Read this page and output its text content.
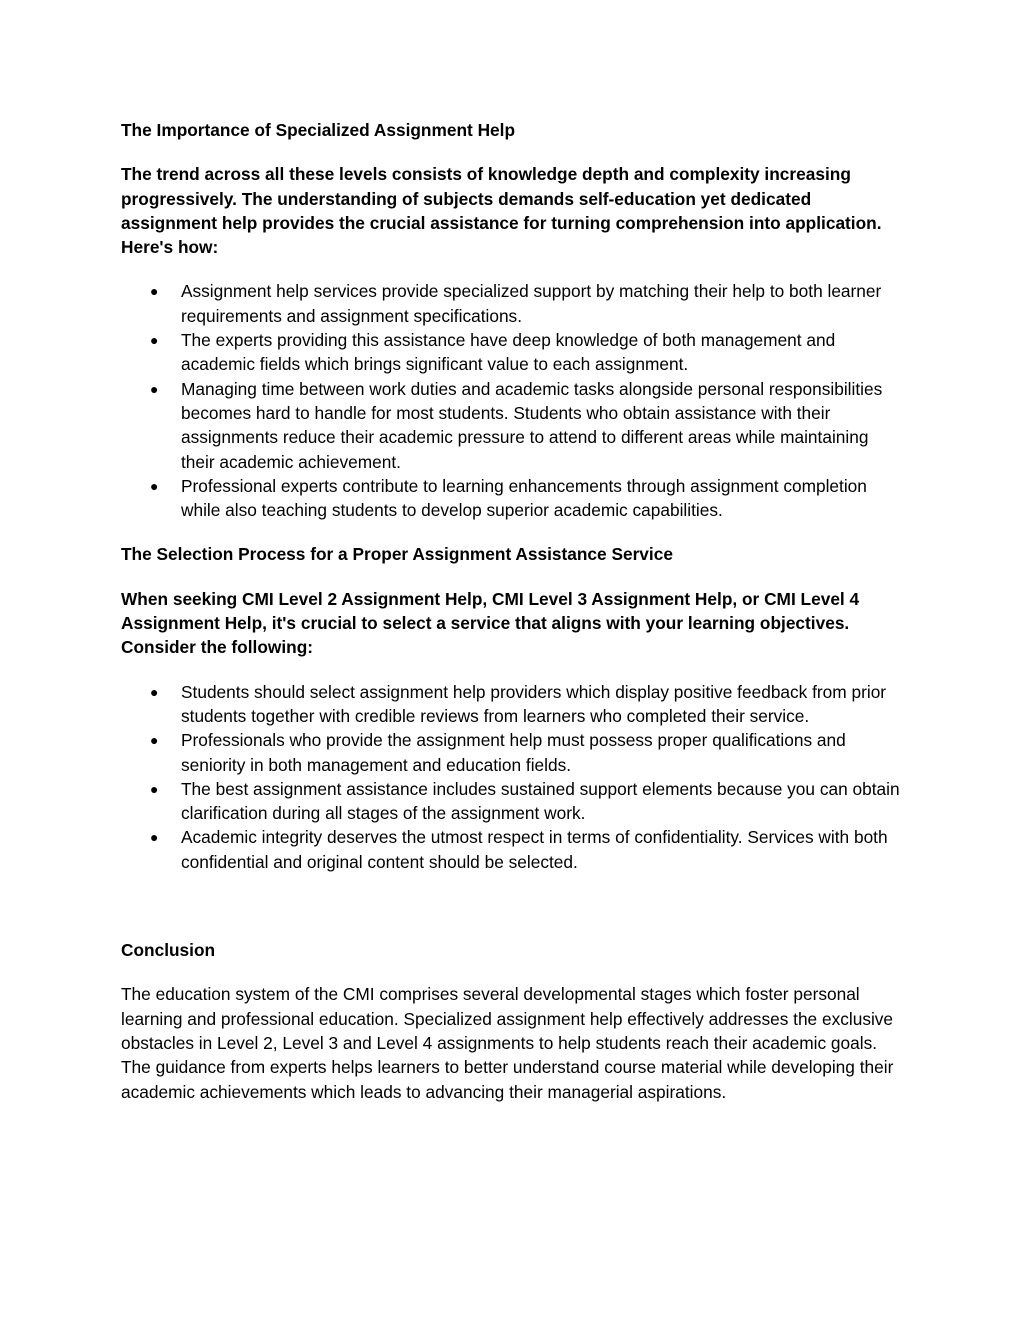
The Importance of Specialized Assignment Help

The trend across all these levels consists of knowledge depth and complexity increasing progressively. The understanding of subjects demands self-education yet dedicated assignment help provides the crucial assistance for turning comprehension into application. Here's how:

● Assignment help services provide specialized support by matching their help to both learner requirements and assignment specifications.
● The experts providing this assistance have deep knowledge of both management and academic fields which brings significant value to each assignment.
● Managing time between work duties and academic tasks alongside personal responsibilities becomes hard to handle for most students. Students who obtain assistance with their assignments reduce their academic pressure to attend to different areas while maintaining their academic achievement.
● Professional experts contribute to learning enhancements through assignment completion while also teaching students to develop superior academic capabilities.

The Selection Process for a Proper Assignment Assistance Service

When seeking CMI Level 2 Assignment Help, CMI Level 3 Assignment Help, or CMI Level 4 Assignment Help, it's crucial to select a service that aligns with your learning objectives. Consider the following:

● Students should select assignment help providers which display positive feedback from prior students together with credible reviews from learners who completed their service.
● Professionals who provide the assignment help must possess proper qualifications and seniority in both management and education fields.
● The best assignment assistance includes sustained support elements because you can obtain clarification during all stages of the assignment work.
● Academic integrity deserves the utmost respect in terms of confidentiality. Services with both confidential and original content should be selected.

Conclusion

The education system of the CMI comprises several developmental stages which foster personal learning and professional education. Specialized assignment help effectively addresses the exclusive obstacles in Level 2, Level 3 and Level 4 assignments to help students reach their academic goals. The guidance from experts helps learners to better understand course material while developing their academic achievements which leads to advancing their managerial aspirations.
